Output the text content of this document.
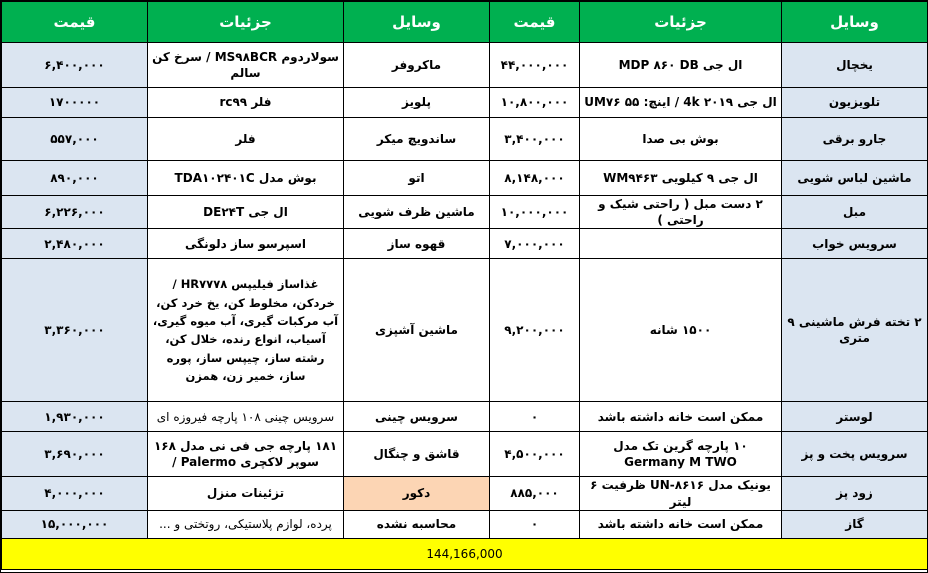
وسایل	جزئیات	قیمت	وسایل	جزئیات	قیمت
یخچال	ال جی MDP ۸۶۰ DB	۴۴,۰۰۰,۰۰۰	ماکروفر	سولاردوم MS۹۸BCR / سرخ کن سالم	۶,۴۰۰,۰۰۰
تلویزیون	ال جی ۲۰۱۹ 4k / اینچ: ۵۵ UM۷۶	۱۰,۸۰۰,۰۰۰	پلویز	فلر rc۹۹	۱۷۰۰۰۰۰
جارو برقی	بوش بی صدا	۳,۴۰۰,۰۰۰	ساندویچ میکر	فلر	۵۵۷,۰۰۰
ماشین لباس شویی	ال جی ۹ کیلویی WM۹۴۶۳	۸,۱۴۸,۰۰۰	اتو	بوش مدل TDA۱۰۲۴۰۱C	۸۹۰,۰۰۰
مبل	۲ دست مبل ( راحتی شیک و راحتی )	۱۰,۰۰۰,۰۰۰	ماشین ظرف شویی	ال جی DE۲۴T	۶,۲۲۶,۰۰۰
سرویس خواب		۷,۰۰۰,۰۰۰	قهوه ساز	اسپرسو ساز دلونگی	۲,۴۸۰,۰۰۰
۲ تخته فرش ماشینی ۹ متری	۱۵۰۰ شانه	۹,۲۰۰,۰۰۰	ماشین آشپزی	غذاساز فیلیپس HR۷۷۷۸ / خردکن، مخلوط کن، یخ خرد کن، آب مرکبات گیری، آب میوه گیری، آسیاب، انواع رنده، خلال کن، رشته ساز، چیپس ساز، پوره ساز، خمیر زن، همزن	۳,۳۶۰,۰۰۰
لوستر	ممکن است خانه داشته باشد	۰	سرویس چینی	سرویس چینی ۱۰۸ پارچه فیروزه ای	۱,۹۳۰,۰۰۰
سرویس پخت و پز	۱۰ پارچه گرین تک مدل Germany M TWO	۴,۵۰۰,۰۰۰	قاشق و چنگال	۱۸۱ پارچه جی فی نی مدل ۱۶۸ سوپر لاکچری Palermo /	۳,۶۹۰,۰۰۰
زود پز	یونیک مدل UN-۸۶۱۶ ظرفیت ۶ لیتر	۸۸۵,۰۰۰	دکور	تزئینات منزل	۴,۰۰۰,۰۰۰
گاز	ممکن است خانه داشته باشد	۰	محاسبه نشده	پرده، لوازم پلاستیکی، روتختی و ...	۱۵,۰۰۰,۰۰۰
144,166,000					
